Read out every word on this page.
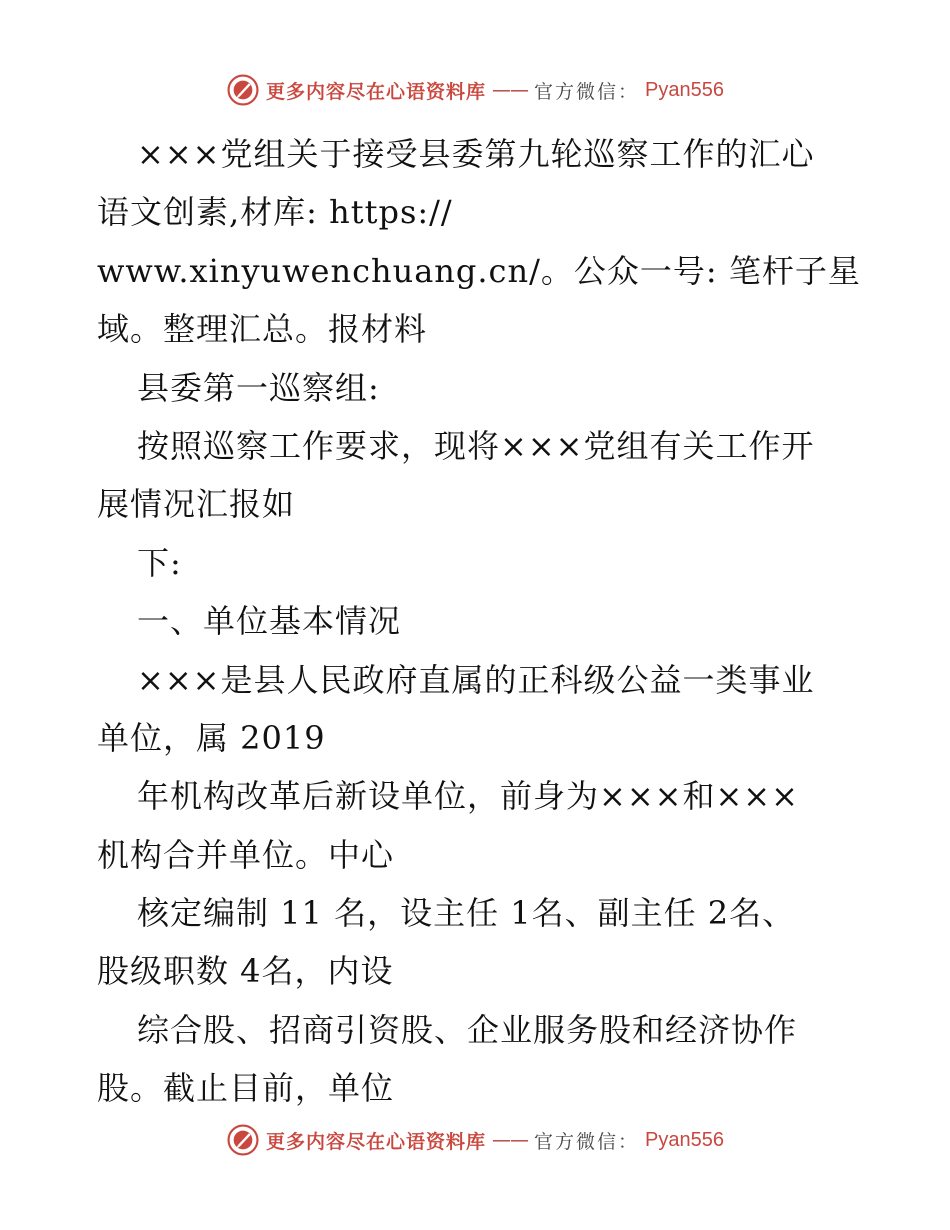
更多内容尽在心语资料库 —— 官方微信： Pyan556
×××党组关于接受县委第九轮巡察工作的汇心
语文创素,材库: https://
www.xinyuwenchuang.cn/。公众一号: 笔杆子星
域。整理汇总。报材料
县委第一巡察组:
按照巡察工作要求，现将×××党组有关工作开
展情况汇报如
下:
一、单位基本情况
×××是县人民政府直属的正科级公益一类事业
单位，属 2019
年机构改革后新设单位，前身为×××和×××
机构合并单位。中心
核定编制 11 名，设主任 1名、副主任 2名、
股级职数 4名，内设
综合股、招商引资股、企业服务股和经济协作
股。截止目前，单位
更多内容尽在心语资料库 —— 官方微信： Pyan556
